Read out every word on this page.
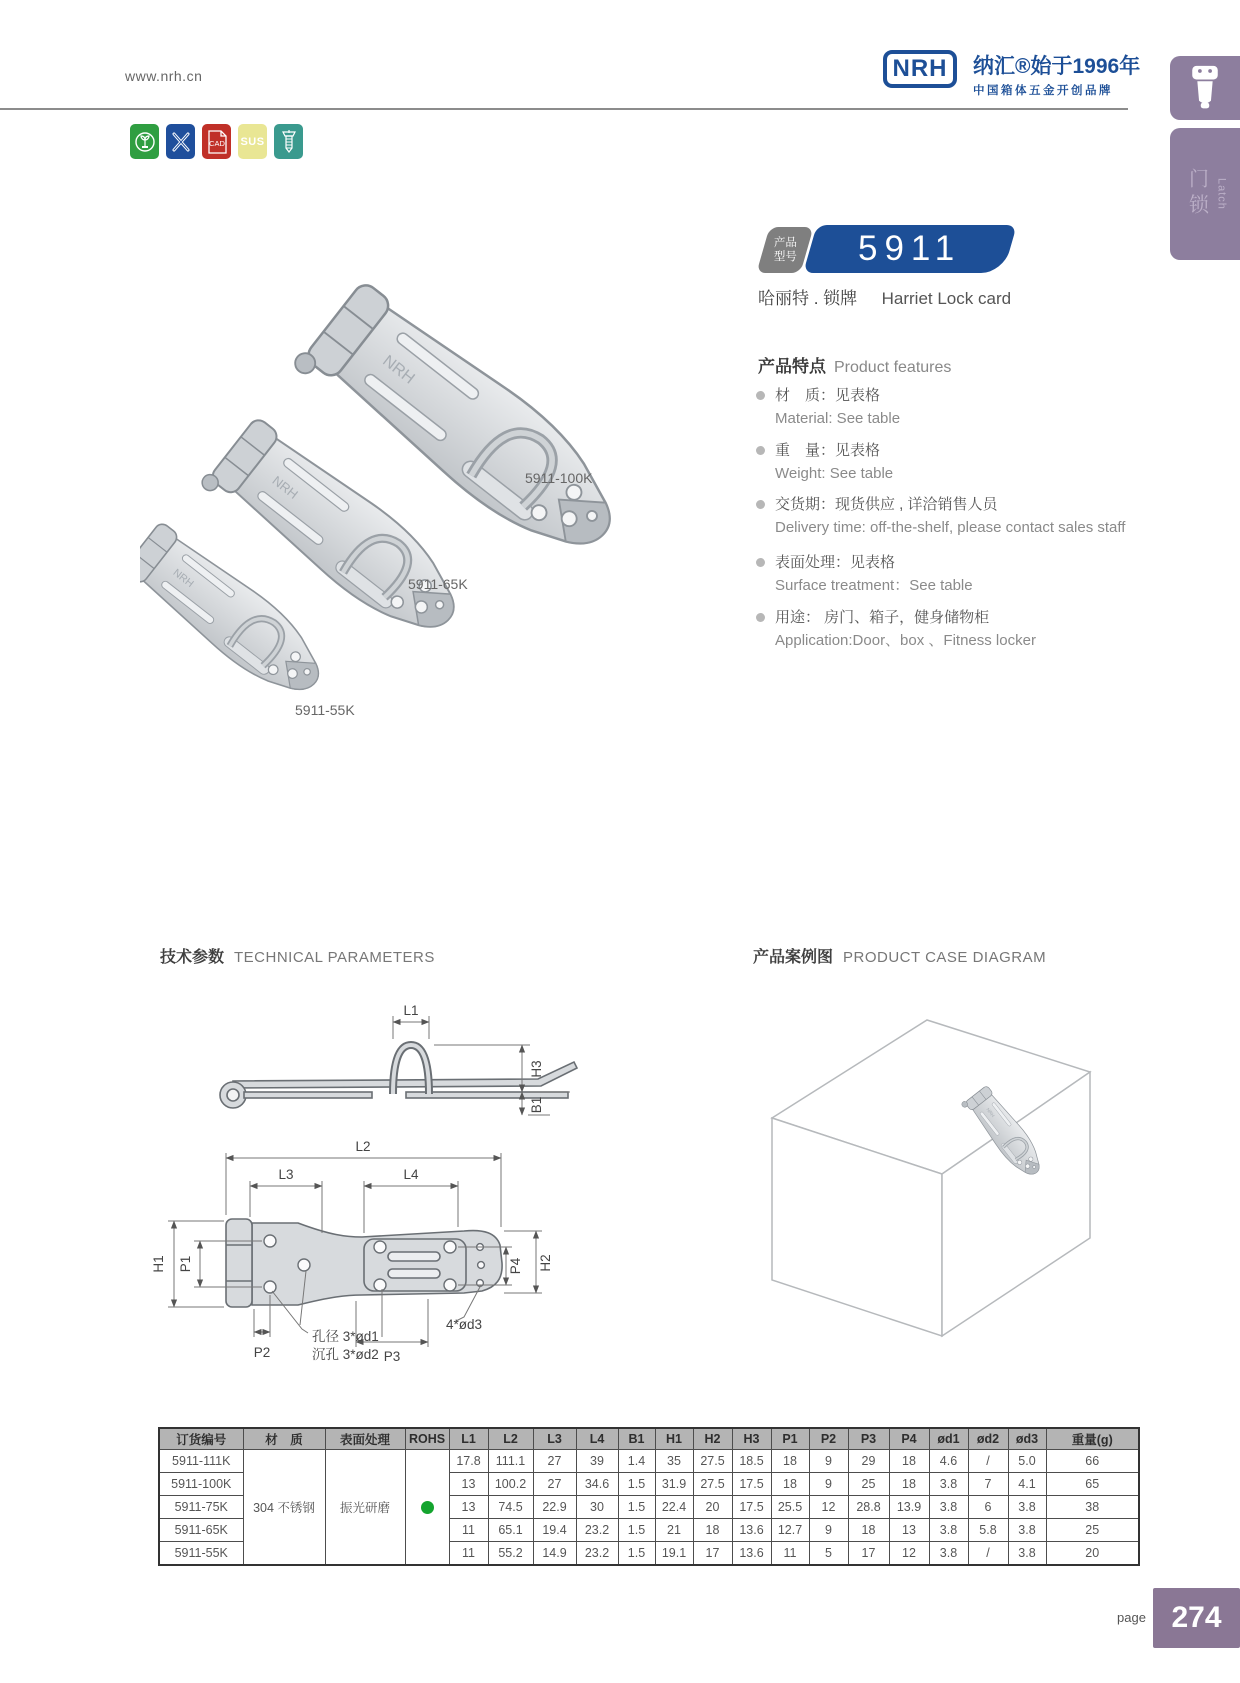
www.nrh.cn	NRH 纳汇®始于1996年
中国箱体五金开创品牌
CAD SUS
门锁 Latch
产品
型号 5911
哈丽特 . 锁牌 Harriet Lock card
产品特点 Product features
材　质：见表格
Material: See table
重　量：见表格
Weight: See table
交货期：现货供应 , 详洽销售人员
Delivery time: off-the-shelf, please contact sales staff
表面处理：见表格
Surface treatment：See table
用途： 房门、箱子，健身储物柜
Application:Door、box 、Fitness locker
NRH
5911-100K
5911-65K
5911-55K
技术参数 TECHNICAL PARAMETERS	产品案例图 PRODUCT CASE DIAGRAM
L1
H3
B1
H1 P1	P4 H2
L2
L3	L4
P2	P3
孔径 3*ød1
沉孔 3*ød2
4*ød3
订货编号	材　质	表面处理	ROHS	L1	L2	L3	L4	B1	H1	H2	H3	P1	P2	P3	P4	ød1	ød2	ød3	重量(g)
5911-111K	304 不锈钢	振光研磨		17.8	111.1	27	39	1.4	35	27.5	18.5	18	9	29	18	4.6	/	5.0	66
5911-100K				13	100.2	27	34.6	1.5	31.9	27.5	17.5	18	9	25	18	3.8	7	4.1	65
5911-75K				13	74.5	22.9	30	1.5	22.4	20	17.5	25.5	12	28.8	13.9	3.8	6	3.8	38
5911-65K				11	65.1	19.4	23.2	1.5	21	18	13.6	12.7	9	18	13	3.8	5.8	3.8	25
5911-55K				11	55.2	14.9	23.2	1.5	19.1	17	13.6	11	5	17	12	3.8	/	3.8	20
page 274
